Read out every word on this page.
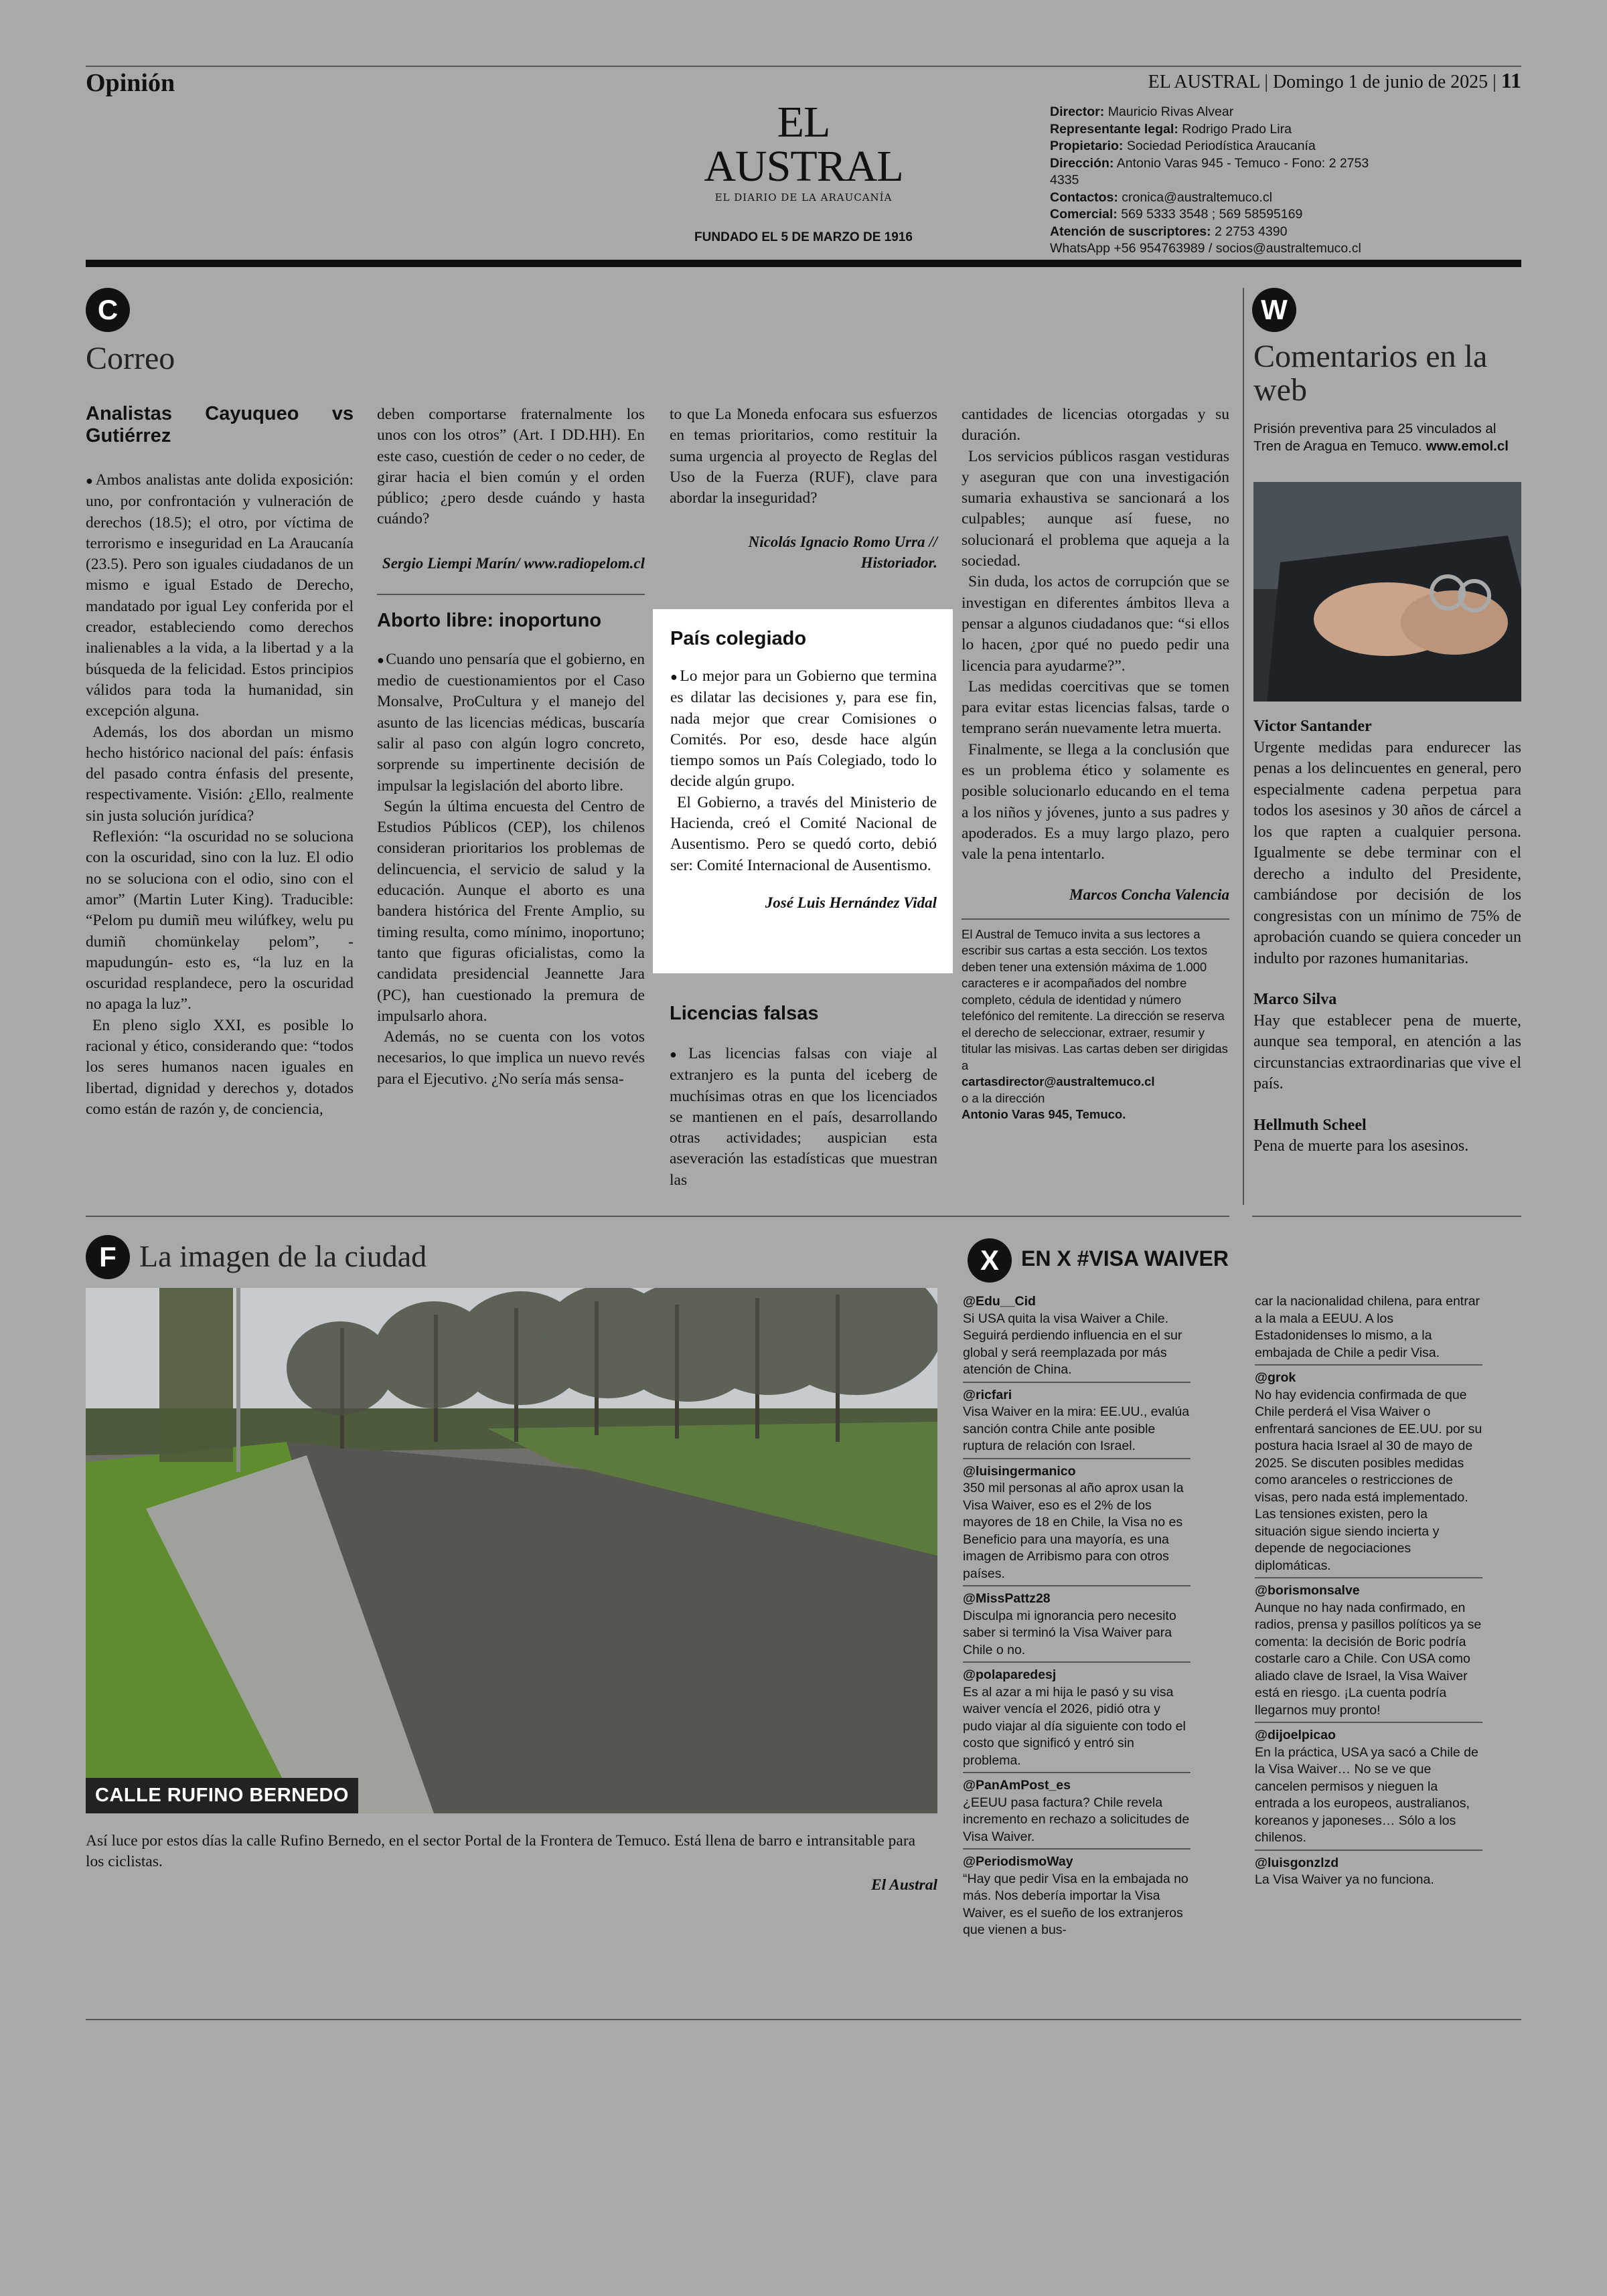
Opinión	EL AUSTRAL | Domingo 1 de junio de 2025 | 11
EL AUSTRAL
EL DIARIO DE LA ARAUCANÍA
FUNDADO EL 5 DE MARZO DE 1916
Director: Mauricio Rivas Alvear
Representante legal: Rodrigo Prado Lira
Propietario: Sociedad Periodística Araucanía
Dirección: Antonio Varas 945 - Temuco - Fono: 2 2753 4335
Contactos: cronica@australtemuco.cl
Comercial: 569 5333 3548 ; 569 58595169
Atención de suscriptores: 2 2753 4390
WhatsApp +56 954763989 / socios@australtemuco.cl
C
Correo
Analistas Cayuqueo vs Gutiérrez

● Ambos analistas ante dolida exposición: uno, por confrontación y vulneración de derechos (18.5); el otro, por víctima de terrorismo e inseguridad en La Araucanía (23.5). Pero son iguales ciudadanos de un mismo e igual Estado de Derecho, mandatado por igual Ley conferida por el creador, estableciendo como derechos inalienables a la vida, a la libertad y a la búsqueda de la felicidad. Estos principios válidos para toda la humanidad, sin excepción alguna.

Además, los dos abordan un mismo hecho histórico nacional del país: énfasis del pasado contra énfasis del presente, respectivamente. Visión: ¿Ello, realmente sin justa solución jurídica?

Reflexión: “la oscuridad no se soluciona con la oscuridad, sino con la luz. El odio no se soluciona con el odio, sino con el amor” (Martin Luter King). Traducible: “Pelom pu dumiñ meu wilúfkey, welu pu dumiñ chomünkelay pelom”, -mapudungún- esto es, “la luz en la oscuridad resplandece, pero la oscuridad no apaga la luz”.

En pleno siglo XXI, es posible lo racional y ético, considerando que: “todos los seres humanos nacen iguales en libertad, dignidad y derechos y, dotados como están de razón y, de conciencia,

deben comportarse fraternalmente los unos con los otros” (Art. I DD.HH). En este caso, cuestión de ceder o no ceder, de girar hacia el bien común y el orden público; ¿pero desde cuándo y hasta cuándo?

Sergio Liempi Marín/ www.radiopelom.cl
Aborto libre: inoportuno

● Cuando uno pensaría que el gobierno, en medio de cuestionamientos por el Caso Monsalve, ProCultura y el manejo del asunto de las licencias médicas, buscaría salir al paso con algún logro concreto, sorprende su impertinente decisión de impulsar la legislación del aborto libre.

Según la última encuesta del Centro de Estudios Públicos (CEP), los chilenos consideran prioritarios los problemas de delincuencia, el servicio de salud y la educación. Aunque el aborto es una bandera histórica del Frente Amplio, su timing resulta, como mínimo, inoportuno; tanto que figuras oficialistas, como la candidata presidencial Jeannette Jara (PC), han cuestionado la premura de impulsarlo ahora.

Además, no se cuenta con los votos necesarios, lo que implica un nuevo revés para el Ejecutivo. ¿No sería más sensa-

to que La Moneda enfocara sus esfuerzos en temas prioritarios, como restituir la suma urgencia al proyecto de Reglas del Uso de la Fuerza (RUF), clave para abordar la inseguridad?

Nicolás Ignacio Romo Urra // Historiador.
País colegiado

● Lo mejor para un Gobierno que termina es dilatar las decisiones y, para ese fin, nada mejor que crear Comisiones o Comités. Por eso, desde hace algún tiempo somos un País Colegiado, todo lo decide algún grupo.

El Gobierno, a través del Ministerio de Hacienda, creó el Comité Nacional de Ausentismo. Pero se quedó corto, debió ser: Comité Internacional de Ausentismo.

José Luis Hernández Vidal
Licencias falsas

● Las licencias falsas con viaje al extranjero es la punta del iceberg de muchísimas otras en que los licenciados se mantienen en el país, desarrollando otras actividades; auspician esta aseveración las estadísticas que muestran las

cantidades de licencias otorgadas y su duración.

Los servicios públicos rasgan vestiduras y aseguran que con una investigación sumaria exhaustiva se sancionará a los culpables; aunque así fuese, no solucionará el problema que aqueja a la sociedad.

Sin duda, los actos de corrupción que se investigan en diferentes ámbitos lleva a pensar a algunos ciudadanos que: “si ellos lo hacen, ¿por qué no puedo pedir una licencia para ayudarme?”.

Las medidas coercitivas que se tomen para evitar estas licencias falsas, tarde o temprano serán nuevamente letra muerta.

Finalmente, se llega a la conclusión que es un problema ético y solamente es posible solucionarlo educando en el tema a los niños y jóvenes, junto a sus padres y apoderados. Es a muy largo plazo, pero vale la pena intentarlo.

Marcos Concha Valencia
El Austral de Temuco invita a sus lectores a escribir sus cartas a esta sección. Los textos deben tener una extensión máxima de 1.000 caracteres e ir acompañados del nombre completo, cédula de identidad y número telefónico del remitente. La dirección se reserva el derecho de seleccionar, extraer, resumir y titular las misivas. Las cartas deben ser dirigidas a
cartasdirector@australtemuco.cl
o a la dirección
Antonio Varas 945, Temuco.
W
Comentarios en la web
Prisión preventiva para 25 vinculados al Tren de Aragua en Temuco. www.emol.cl
Victor Santander
Urgente medidas para endurecer las penas a los delincuentes en general, pero especialmente cadena perpetua para todos los asesinos y 30 años de cárcel a los que rapten a cualquier persona. Igualmente se debe terminar con el derecho a indulto del Presidente, cambiándose por decisión de los congresistas con un mínimo de 75% de aprobación cuando se quiera conceder un indulto por razones humanitarias.
Marco Silva
Hay que establecer pena de muerte, aunque sea temporal, en atención a las circunstancias extraordinarias que vive el país.
Hellmuth Scheel
Pena de muerte para los asesinos.
F La imagen de la ciudad
CALLE RUFINO BERNEDO
Así luce por estos días la calle Rufino Bernedo, en el sector Portal de la Frontera de Temuco. Está llena de barro e intransitable para los ciclistas.
El Austral
X	EN X #VISA WAIVER
@Edu__Cid
Si USA quita la visa Waiver a Chile. Seguirá perdiendo influencia en el sur global y será reemplazada por más atención de China.
@ricfari
Visa Waiver en la mira: EE.UU., evalúa sanción contra Chile ante posible ruptura de relación con Israel.
@luisingermanico
350 mil personas al año aprox usan la Visa Waiver, eso es el 2% de los mayores de 18 en Chile, la Visa no es Beneficio para una mayoría, es una imagen de Arribismo para con otros países.
@MissPattz28
Disculpa mi ignorancia pero necesito saber si terminó la Visa Waiver para Chile o no.
@polaparedesj
Es al azar a mi hija le pasó y su visa waiver vencía el 2026, pidió otra y pudo viajar al día siguiente con todo el costo que significó y entró sin problema.
@PanAmPost_es
¿EEUU pasa factura? Chile revela incremento en rechazo a solicitudes de Visa Waiver.
@PeriodismoWay
“Hay que pedir Visa en la embajada no más. Nos debería importar la Visa Waiver, es el sueño de los extranjeros que vienen a bus-
car la nacionalidad chilena, para entrar a la mala a EEUU. A los Estadonidenses lo mismo, a la embajada de Chile a pedir Visa.
@grok
No hay evidencia confirmada de que Chile perderá el Visa Waiver o enfrentará sanciones de EE.UU. por su postura hacia Israel al 30 de mayo de 2025. Se discuten posibles medidas como aranceles o restricciones de visas, pero nada está implementado. Las tensiones existen, pero la situación sigue siendo incierta y depende de negociaciones diplomáticas.
@borismonsalve
Aunque no hay nada confirmado, en radios, prensa y pasillos políticos ya se comenta: la decisión de Boric podría costarle caro a Chile. Con USA como aliado clave de Israel, la Visa Waiver está en riesgo. ¡La cuenta podría llegarnos muy pronto!
@dijoelpicao
En la práctica, USA ya sacó a Chile de la Visa Waiver… No se ve que cancelen permisos y nieguen la entrada a los europeos, australianos, koreanos y japoneses… Sólo a los chilenos.
@luisgonzlzd
La Visa Waiver ya no funciona.
